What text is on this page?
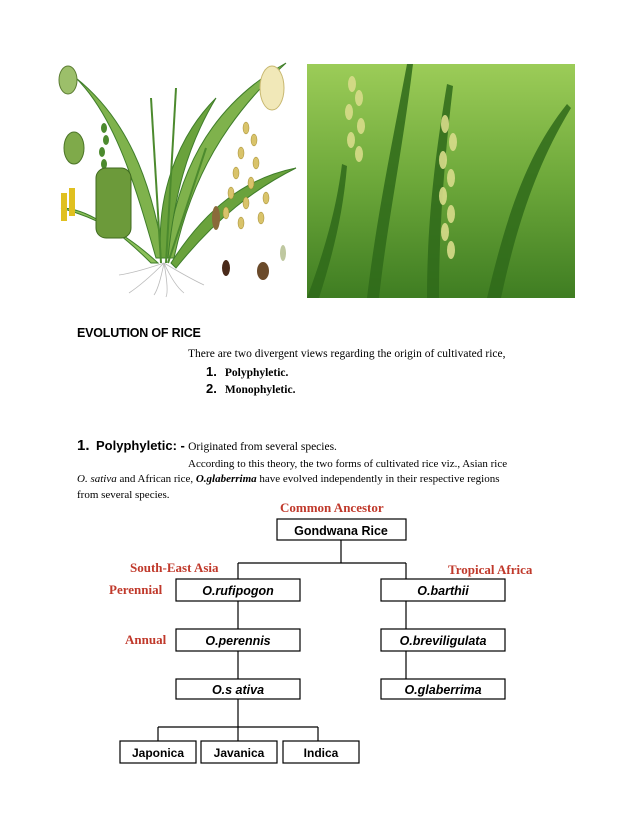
EVOLUTION OF RICE
There are two divergent views regarding the origin of cultivated rice,
1. Polyphyletic.
2. Monophyletic.
1. Polyphyletic: - Originated from several species.
According to this theory, the two forms of cultivated rice viz., Asian rice
O. sativa and African rice, O.glaberrima have evolved independently in their respective regions
from several species.
Common Ancestor
South-East Asia	Tropical Africa
Perennial
Annual
Gondwana Rice
O.rufipogon
O.perennis
O.s ativa
O.barthii
O.breviligulata
O.glaberrima
Japonica Javanica	Indica
